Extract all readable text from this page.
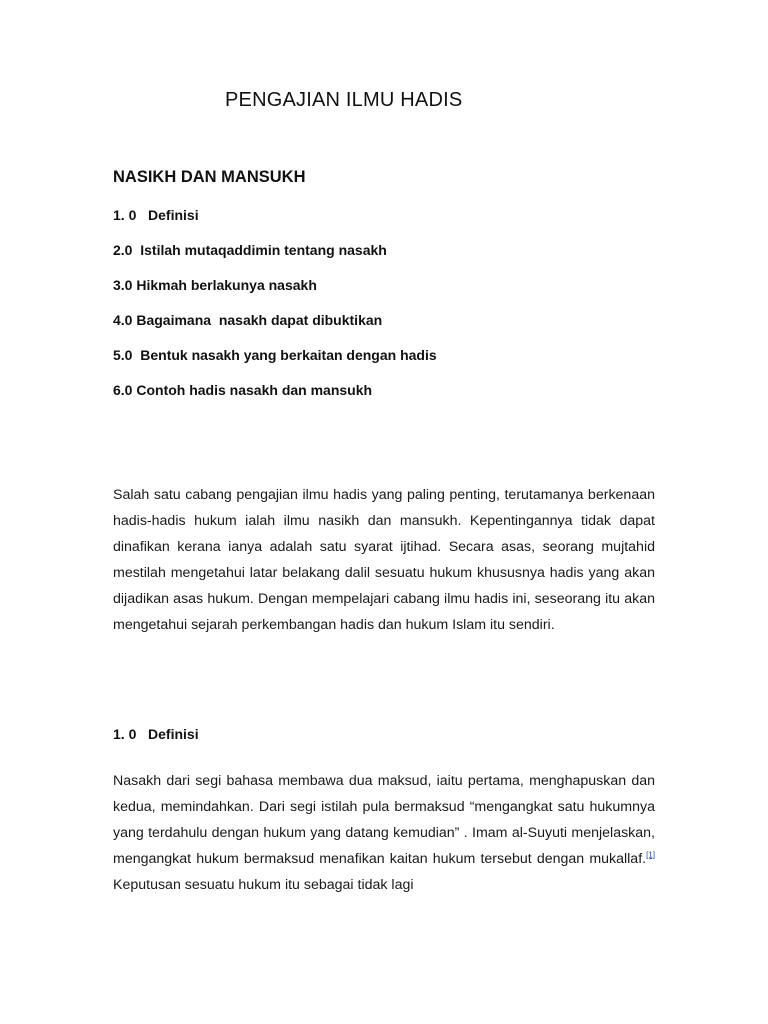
PENGAJIAN ILMU HADIS
NASIKH DAN MANSUKH
1. 0   Definisi
2.0  Istilah mutaqaddimin tentang nasakh
3.0 Hikmah berlakunya nasakh
4.0 Bagaimana  nasakh dapat dibuktikan
5.0  Bentuk nasakh yang berkaitan dengan hadis
6.0 Contoh hadis nasakh dan mansukh

Salah satu cabang pengajian ilmu hadis yang paling penting, terutamanya berkenaan hadis-hadis hukum ialah ilmu nasikh dan mansukh. Kepentingannya tidak dapat dinafikan kerana ianya adalah satu syarat ijtihad. Secara asas, seorang mujtahid mestilah mengetahui latar belakang dalil sesuatu hukum khususnya hadis yang akan dijadikan asas hukum. Dengan mempelajari cabang ilmu hadis ini, seseorang itu akan mengetahui sejarah perkembangan hadis dan hukum Islam itu sendiri.

1. 0   Definisi

Nasakh dari segi bahasa membawa dua maksud, iaitu pertama, menghapuskan dan kedua, memindahkan. Dari segi istilah pula bermaksud “mengangkat satu hukumnya yang terdahulu dengan hukum yang datang kemudian” . Imam al-Suyuti menjelaskan, mengangkat hukum bermaksud menafikan kaitan hukum tersebut dengan mukallaf.[1] Keputusan sesuatu hukum itu sebagai tidak lagi
